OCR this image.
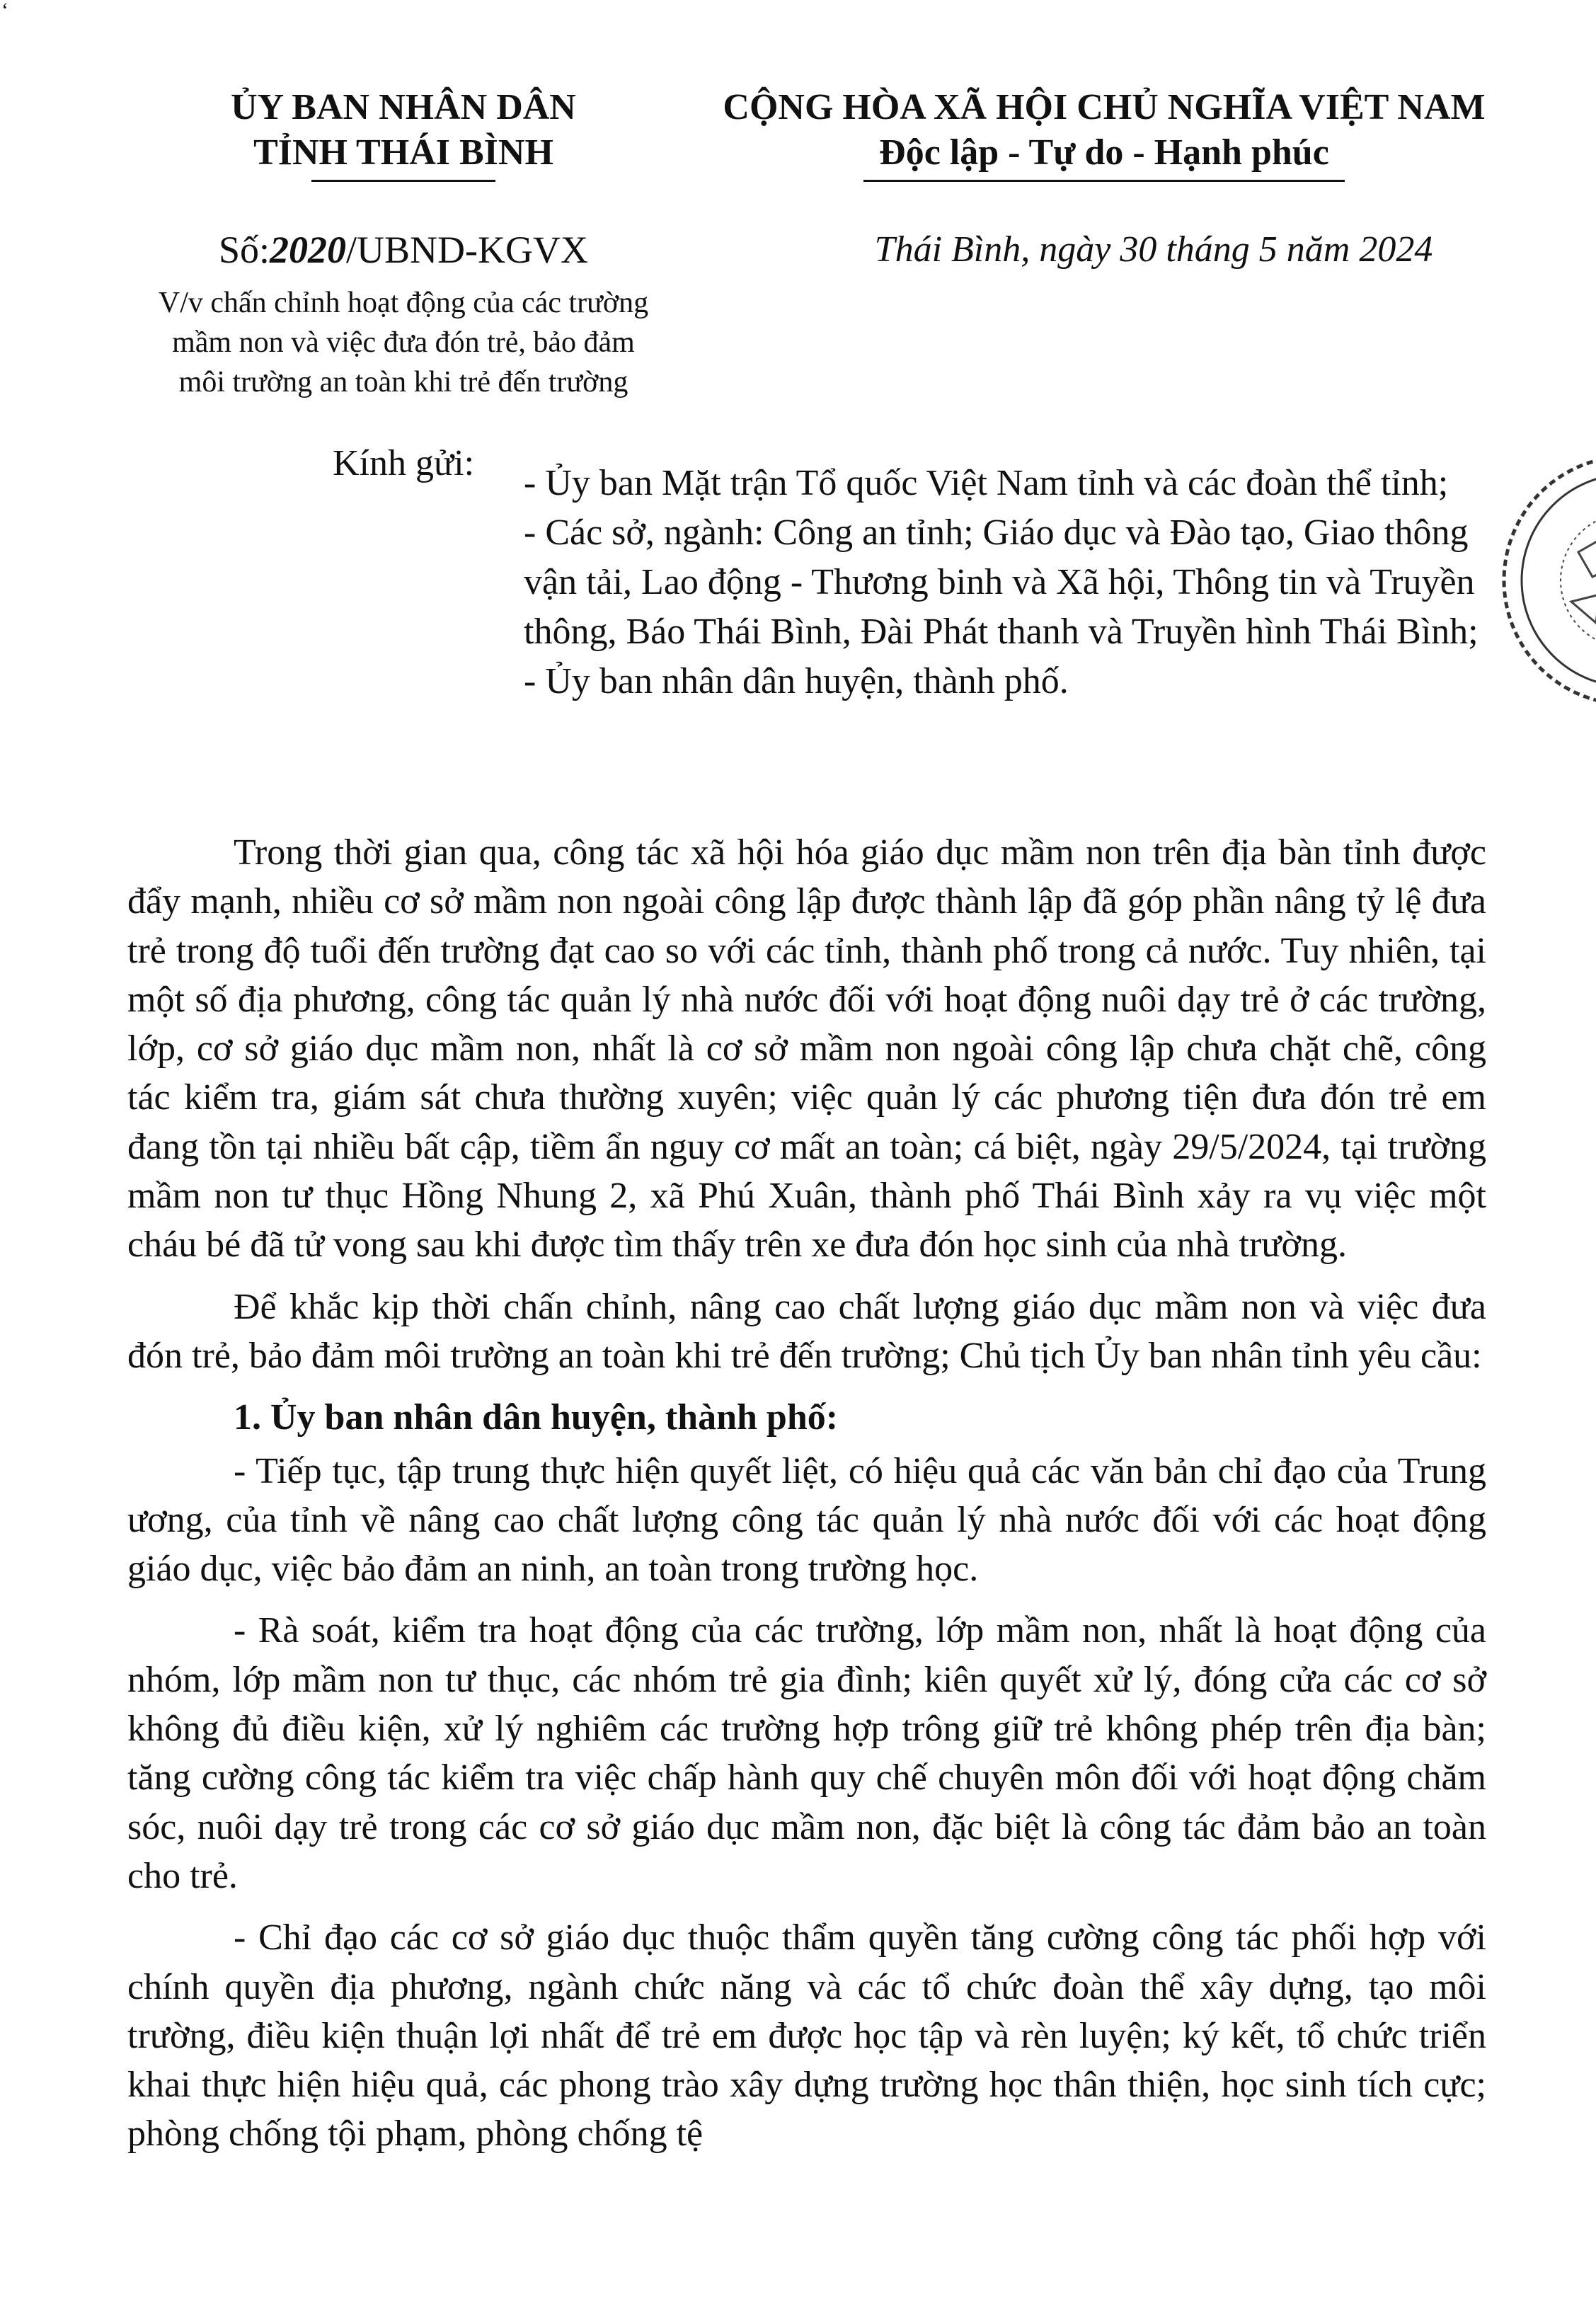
‘
ỦY BAN NHÂN DÂN
TỈNH THÁI BÌNH
CỘNG HÒA XÃ HỘI CHỦ NGHĨA VIỆT NAM
Độc lập - Tự do - Hạnh phúc
Số:2020/UBND-KGVX
V/v chấn chỉnh hoạt động của các trường
mầm non và việc đưa đón trẻ, bảo đảm
môi trường an toàn khi trẻ đến trường
Thái Bình, ngày 30 tháng 5 năm 2024
Kính gửi: - Ủy ban Mặt trận Tổ quốc Việt Nam tỉnh và các đoàn thể tỉnh;
- Các sở, ngành: Công an tỉnh; Giáo dục và Đào tạo, Giao thông vận tải, Lao động - Thương binh và Xã hội, Thông tin và Truyền thông, Báo Thái Bình, Đài Phát thanh và Truyền hình Thái Bình;
- Ủy ban nhân dân huyện, thành phố.

Trong thời gian qua, công tác xã hội hóa giáo dục mầm non trên địa bàn tỉnh được đẩy mạnh, nhiều cơ sở mầm non ngoài công lập được thành lập đã góp phần nâng tỷ lệ đưa trẻ trong độ tuổi đến trường đạt cao so với các tỉnh, thành phố trong cả nước. Tuy nhiên, tại một số địa phương, công tác quản lý nhà nước đối với hoạt động nuôi dạy trẻ ở các trường, lớp, cơ sở giáo dục mầm non, nhất là cơ sở mầm non ngoài công lập chưa chặt chẽ, công tác kiểm tra, giám sát chưa thường xuyên; việc quản lý các phương tiện đưa đón trẻ em đang tồn tại nhiều bất cập, tiềm ẩn nguy cơ mất an toàn; cá biệt, ngày 29/5/2024, tại trường mầm non tư thục Hồng Nhung 2, xã Phú Xuân, thành phố Thái Bình xảy ra vụ việc một cháu bé đã tử vong sau khi được tìm thấy trên xe đưa đón học sinh của nhà trường.

Để khắc kịp thời chấn chỉnh, nâng cao chất lượng giáo dục mầm non và việc đưa đón trẻ, bảo đảm môi trường an toàn khi trẻ đến trường; Chủ tịch Ủy ban nhân tỉnh yêu cầu:

1. Ủy ban nhân dân huyện, thành phố:

- Tiếp tục, tập trung thực hiện quyết liệt, có hiệu quả các văn bản chỉ đạo của Trung ương, của tỉnh về nâng cao chất lượng công tác quản lý nhà nước đối với các hoạt động giáo dục, việc bảo đảm an ninh, an toàn trong trường học.

- Rà soát, kiểm tra hoạt động của các trường, lớp mầm non, nhất là hoạt động của nhóm, lớp mầm non tư thục, các nhóm trẻ gia đình; kiên quyết xử lý, đóng cửa các cơ sở không đủ điều kiện, xử lý nghiêm các trường hợp trông giữ trẻ không phép trên địa bàn; tăng cường công tác kiểm tra việc chấp hành quy chế chuyên môn đối với hoạt động chăm sóc, nuôi dạy trẻ trong các cơ sở giáo dục mầm non, đặc biệt là công tác đảm bảo an toàn cho trẻ.

- Chỉ đạo các cơ sở giáo dục thuộc thẩm quyền tăng cường công tác phối hợp với chính quyền địa phương, ngành chức năng và các tổ chức đoàn thể xây dựng, tạo môi trường, điều kiện thuận lợi nhất để trẻ em được học tập và rèn luyện; ký kết, tổ chức triển khai thực hiện hiệu quả, các phong trào xây dựng trường học thân thiện, học sinh tích cực; phòng chống tội phạm, phòng chống tệ
